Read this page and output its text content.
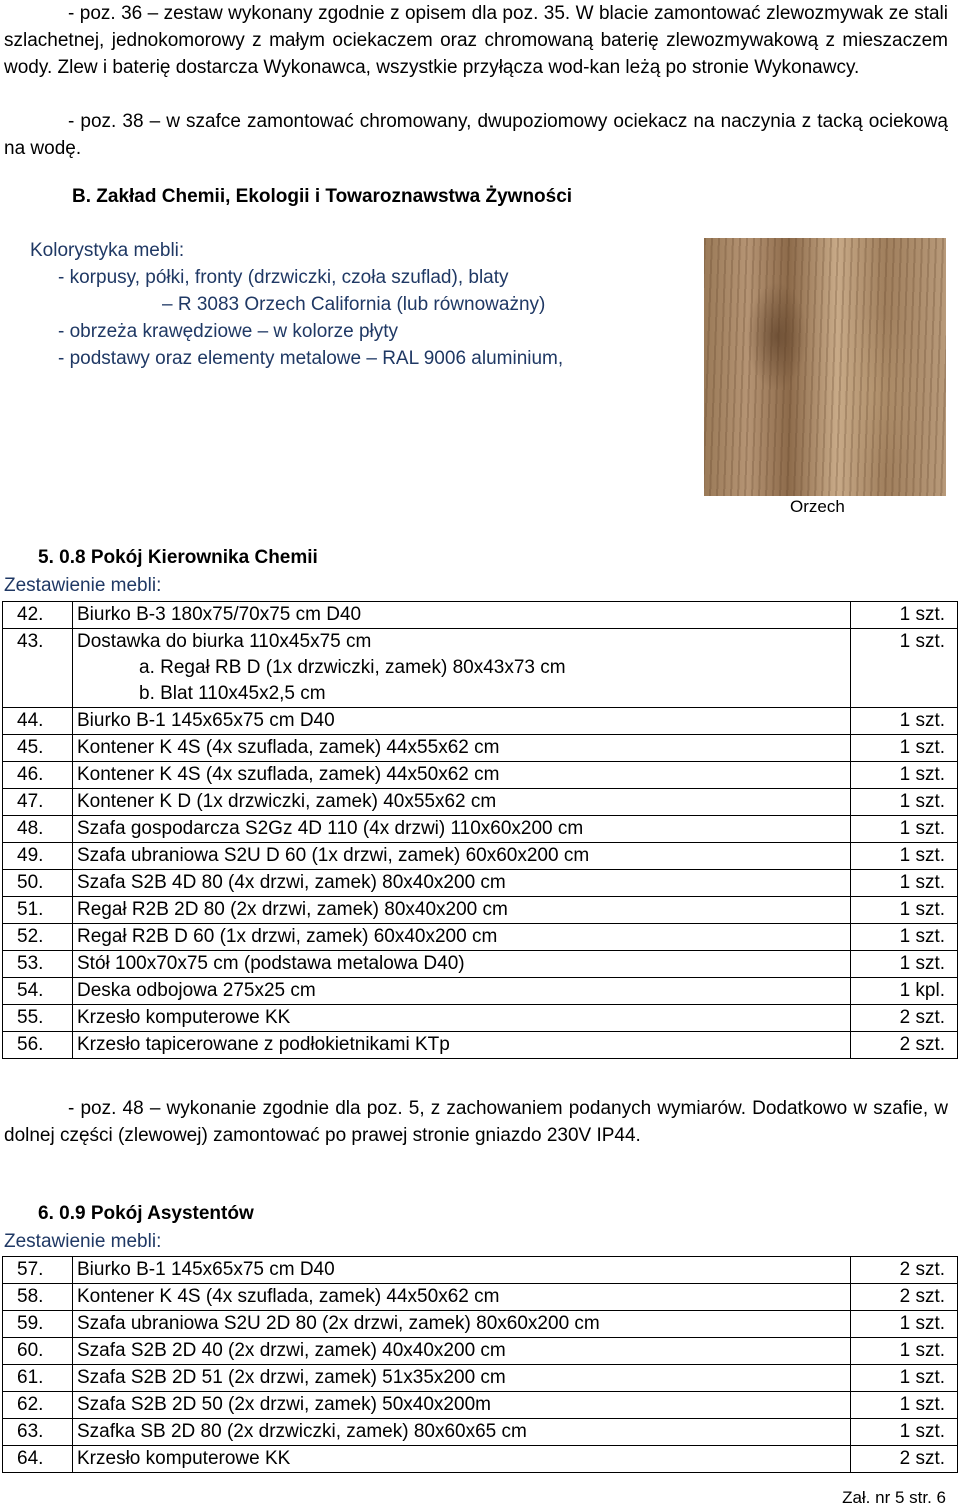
- poz. 36 – zestaw wykonany zgodnie z opisem dla poz. 35. W blacie zamontować zlewozmywak ze stali szlachetnej, jednokomorowy z małym ociekaczem oraz chromowaną baterię zlewozmywakową z mieszaczem wody. Zlew i baterię dostarcza Wykonawca, wszystkie przyłącza wod-kan leżą po stronie Wykonawcy.
- poz. 38 – w szafce zamontować chromowany, dwupoziomowy ociekacz na naczynia z tacką ociekową na wodę.
B. Zakład Chemii, Ekologii i Towaroznawstwa Żywności
Kolorystyka mebli:
- korpusy, półki, fronty (drzwiczki, czoła szuflad), blaty
– R 3083 Orzech California (lub równoważny)
- obrzeża krawędziowe – w kolorze płyty
- podstawy oraz elementy metalowe – RAL 9006 aluminium,
Orzech
5. 0.8 Pokój Kierownika Chemii
Zestawienie mebli:
42.	Biurko B-3 180x75/70x75 cm D40	1 szt.
43.	Dostawka do biurka 110x45x75 cm	1 szt.
	a. Regał RB D (1x drzwiczki, zamek) 80x43x73 cm	
	b. Blat 110x45x2,5 cm	
44.	Biurko B-1 145x65x75 cm D40	1 szt.
45.	Kontener K 4S (4x szuflada, zamek) 44x55x62 cm	1 szt.
46.	Kontener K 4S (4x szuflada, zamek) 44x50x62 cm	1 szt.
47.	Kontener K D (1x drzwiczki, zamek) 40x55x62 cm	1 szt.
48.	Szafa gospodarcza S2Gz 4D 110 (4x drzwi) 110x60x200 cm	1 szt.
49.	Szafa ubraniowa S2U D 60 (1x drzwi, zamek) 60x60x200 cm	1 szt.
50.	Szafa S2B 4D 80 (4x drzwi, zamek) 80x40x200 cm	1 szt.
51.	Regał R2B 2D 80 (2x drzwi, zamek) 80x40x200 cm	1 szt.
52.	Regał R2B D 60 (1x drzwi, zamek) 60x40x200 cm	1 szt.
53.	Stół 100x70x75 cm (podstawa metalowa D40)	1 szt.
54.	Deska odbojowa 275x25 cm	1 kpl.
55.	Krzesło komputerowe KK	2 szt.
56.	Krzesło tapicerowane z podłokietnikami KTp	2 szt.
- poz. 48 – wykonanie zgodnie dla poz. 5, z zachowaniem podanych wymiarów. Dodatkowo w szafie, w dolnej części (zlewowej) zamontować po prawej stronie gniazdo 230V IP44.
6. 0.9 Pokój Asystentów
Zestawienie mebli:
57.	Biurko B-1 145x65x75 cm D40	2 szt.
58.	Kontener K 4S (4x szuflada, zamek) 44x50x62 cm	2 szt.
59.	Szafa ubraniowa S2U 2D 80 (2x drzwi, zamek) 80x60x200 cm	1 szt.
60.	Szafa S2B 2D 40 (2x drzwi, zamek) 40x40x200 cm	1 szt.
61.	Szafa S2B 2D 51 (2x drzwi, zamek) 51x35x200 cm	1 szt.
62.	Szafa S2B 2D 50 (2x drzwi, zamek) 50x40x200m	1 szt.
63.	Szafka SB 2D 80 (2x drzwiczki, zamek) 80x60x65 cm	1 szt.
64.	Krzesło komputerowe KK	2 szt.
Zał. nr 5 str. 6
